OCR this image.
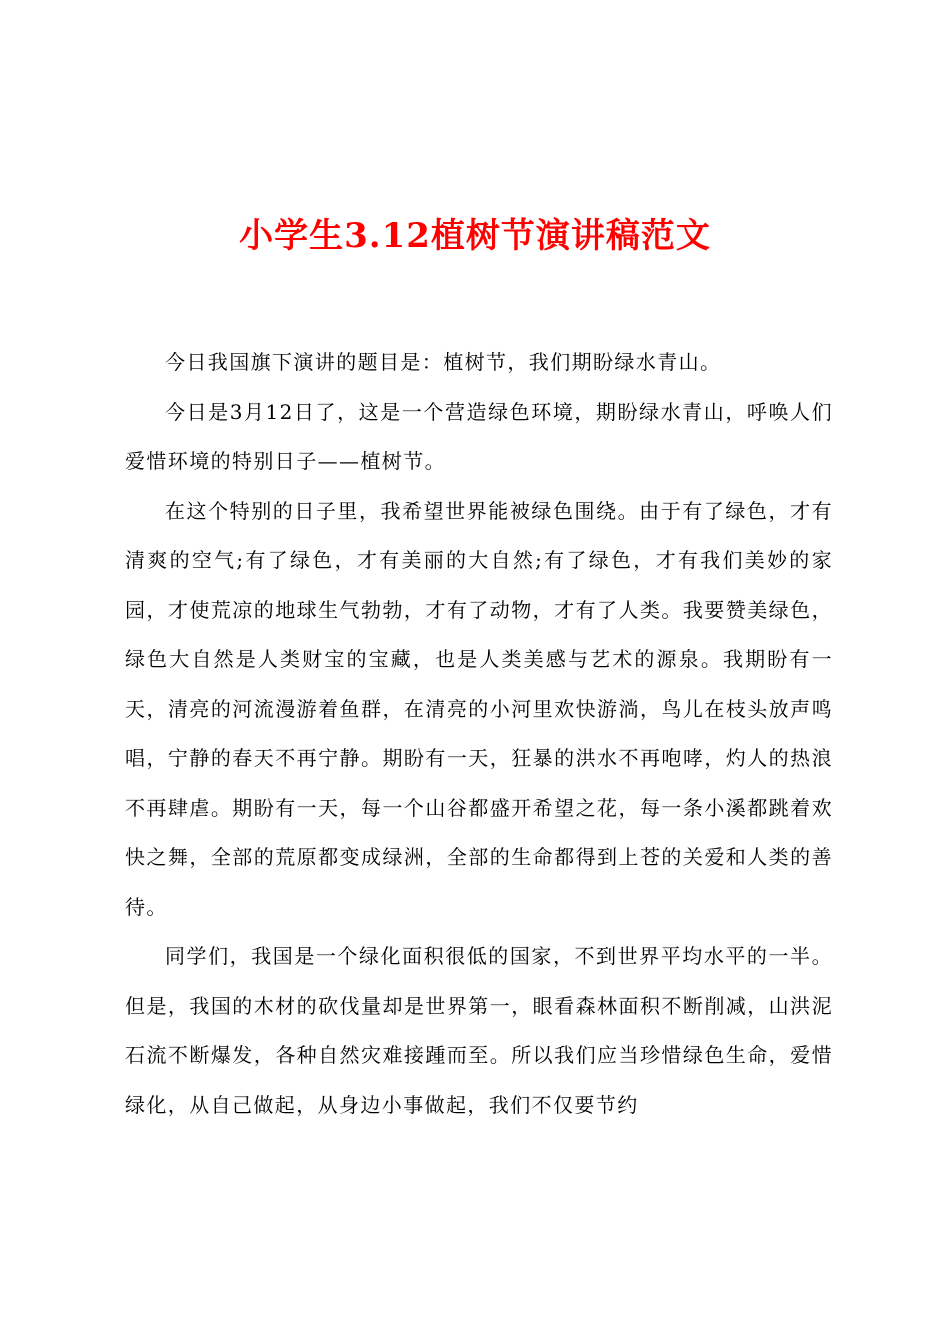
小学生3.12植树节演讲稿范文

今日我国旗下演讲的题目是：植树节，我们期盼绿水青山。

今日是3月12日了，这是一个营造绿色环境，期盼绿水青山，呼唤人们爱惜环境的特别日子——植树节。

在这个特别的日子里，我希望世界能被绿色围绕。由于有了绿色，才有清爽的空气;有了绿色，才有美丽的大自然;有了绿色，才有我们美妙的家园，才使荒凉的地球生气勃勃，才有了动物，才有了人类。我要赞美绿色，绿色大自然是人类财宝的宝藏，也是人类美感与艺术的源泉。我期盼有一天，清亮的河流漫游着鱼群，在清亮的小河里欢快游淌，鸟儿在枝头放声鸣唱，宁静的春天不再宁静。期盼有一天，狂暴的洪水不再咆哮，灼人的热浪不再肆虐。期盼有一天，每一个山谷都盛开希望之花，每一条小溪都跳着欢快之舞，全部的荒原都变成绿洲，全部的生命都得到上苍的关爱和人类的善待。

同学们，我国是一个绿化面积很低的国家，不到世界平均水平的一半。但是，我国的木材的砍伐量却是世界第一，眼看森林面积不断削减，山洪泥石流不断爆发，各种自然灾难接踵而至。所以我们应当珍惜绿色生命，爱惜绿化，从自己做起，从身边小事做起，我们不仅要节约
